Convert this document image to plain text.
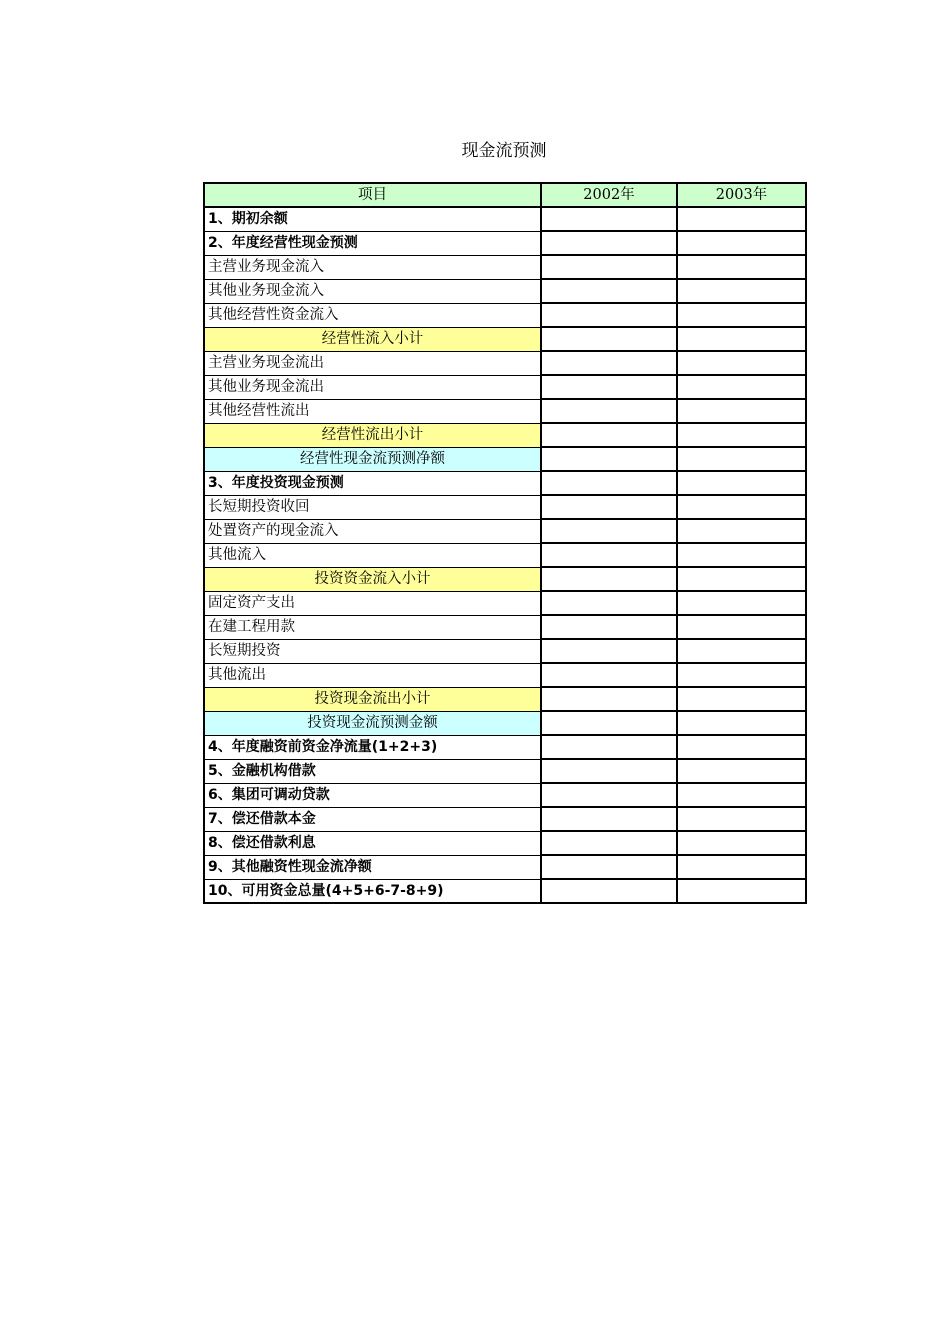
现金流预测
项目	2002年	2003年
1、期初余额		
2、年度经营性现金预测		
主营业务现金流入		
其他业务现金流入		
其他经营性资金流入		
经营性流入小计		
主营业务现金流出		
其他业务现金流出		
其他经营性流出		
经营性流出小计		
经营性现金流预测净额		
3、年度投资现金预测		
长短期投资收回		
处置资产的现金流入		
其他流入		
投资资金流入小计		
固定资产支出		
在建工程用款		
长短期投资		
其他流出		
投资现金流出小计		
投资现金流预测金额		
4、年度融资前资金净流量(1+2+3)		
5、金融机构借款		
6、集团可调动贷款		
7、偿还借款本金		
8、偿还借款利息		
9、其他融资性现金流净额		
10、可用资金总量(4+5+6-7-8+9)		
